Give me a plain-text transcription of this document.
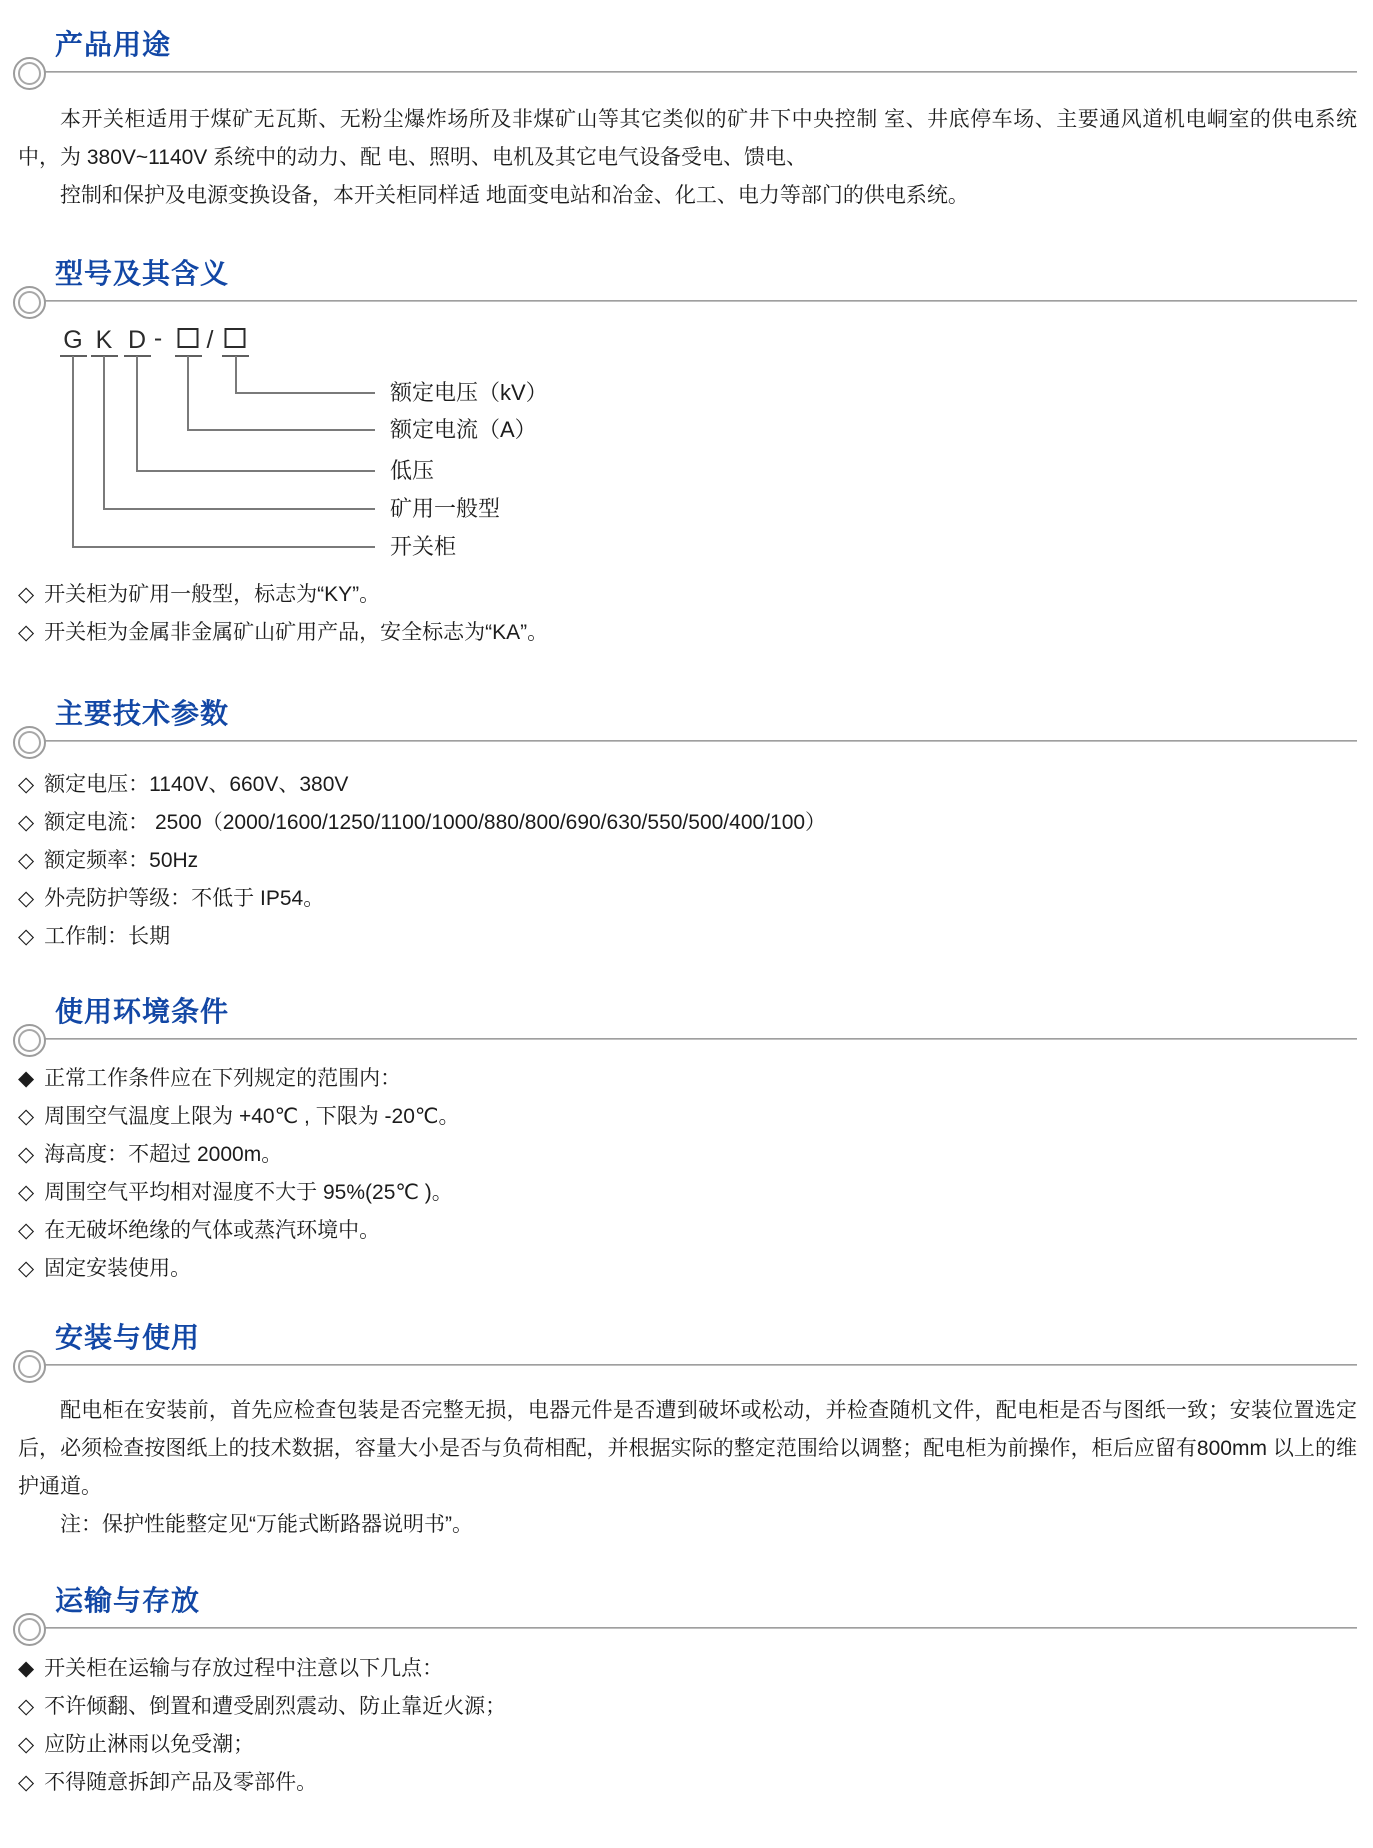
产品用途

本开关柜适用于煤矿无瓦斯、无粉尘爆炸场所及非煤矿山等其它类似的矿井下中央控制 室、井底停车场、主要通风道机电峒室的供电系统中，为 380V~1140V 系统中的动力、配 电、照明、电机及其它电气设备受电、馈电、

控制和保护及电源变换设备，本开关柜同样适 地面变电站和冶金、化工、电力等部门的供电系统。

型号及其含义
G K D - /
额定电压（kV）
额定电流（A）
低压
矿用一般型
开关柜
◇ 开关柜为矿用一般型，标志为“KY”。
◇ 开关柜为金属非金属矿山矿用产品，安全标志为“KA”。
主要技术参数
◇ 额定电压：1140V、660V、380V
◇ 额定电流： 2500（2000/1600/1250/1100/1000/880/800/690/630/550/500/400/100）
◇ 额定频率：50Hz
◇ 外壳防护等级：不低于 IP54。
◇ 工作制：长期
使用环境条件
◆ 正常工作条件应在下列规定的范围内：
◇ 周围空气温度上限为 +40℃ , 下限为 -20℃。
◇ 海高度：不超过 2000m。
◇ 周围空气平均相对湿度不大于 95%(25℃ )。
◇ 在无破坏绝缘的气体或蒸汽环境中。
◇ 固定安装使用。
安装与使用

配电柜在安装前，首先应检查包装是否完整无损，电器元件是否遭到破坏或松动，并检查随机文件，配电柜是否与图纸一致；安装位置选定后，必须检查按图纸上的技术数据，容量大小是否与负荷相配，并根据实际的整定范围给以调整；配电柜为前操作，柜后应留有800mm 以上的维护通道。

注：保护性能整定见“万能式断路器说明书”。

运输与存放
◆ 开关柜在运输与存放过程中注意以下几点：
◇ 不许倾翻、倒置和遭受剧烈震动、防止靠近火源；
◇ 应防止淋雨以免受潮；
◇ 不得随意拆卸产品及零部件。
